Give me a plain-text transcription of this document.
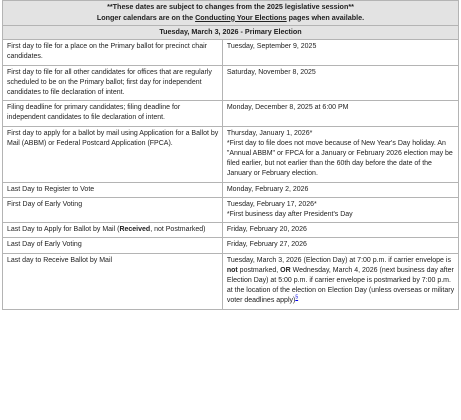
**These dates are subject to changes from the 2025 legislative session**
Longer calendars are on the Conducting Your Elections pages when available.	

Tuesday, March 3, 2026 - Primary Election	
First day to file for a place on the Primary ballot for precinct chair candidates.	Tuesday, September 9, 2025
First day to file for all other candidates for offices that are regularly scheduled to be on the Primary ballot; first day for independent candidates to file declaration of intent.	Saturday, November 8, 2025
Filing deadline for primary candidates; filing deadline for independent candidates to file declaration of intent.	Monday, December 8, 2025 at 6:00 PM
First day to apply for a ballot by mail using Application for a Ballot by Mail (ABBM) or Federal Postcard Application (FPCA).	Thursday, January 1, 2026*
*First day to file does not move because of New Year's Day holiday. An "Annual ABBM" or FPCA for a January or February 2026 election may be filed earlier, but not earlier than the 60th day before the date of the January or February election.

Last Day to Register to Vote	Monday, February 2, 2026
First Day of Early Voting	Tuesday, February 17, 2026*
*First business day after President's Day

Last Day to Apply for Ballot by Mail (Received, not Postmarked)	Friday, February 20, 2026
Last Day of Early Voting	Friday, February 27, 2026
Last day to Receive Ballot by Mail	Tuesday, March 3, 2026 (Election Day) at 7:00 p.m. if carrier envelope is not postmarked, OR Wednesday, March 4, 2026 (next business day after Election Day) at 5:00 p.m. if carrier envelope is postmarked by 7:00 p.m. at the location of the election on Election Day (unless overseas or military voter deadlines apply)$^5$
